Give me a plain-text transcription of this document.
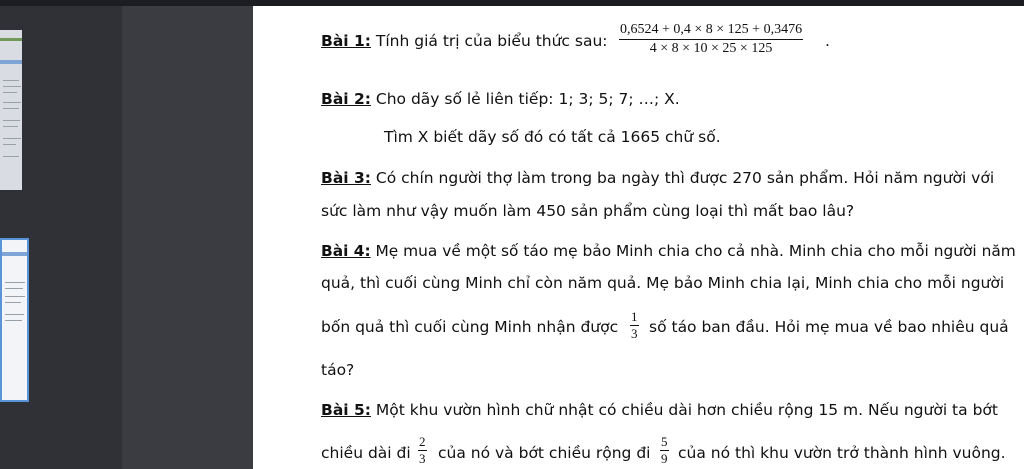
Bài 1: Tính giá trị của biểu thức sau: $\frac{0,6524 + 0,4 \times 8 \times 125 + 0,3476}{4 \times 8 \times 10 \times 25 \times 125}$ .
Bài 2: Cho dãy số lẻ liên tiếp: 1; 3; 5; 7; …; X.
Tìm X biết dãy số đó có tất cả 1665 chữ số.
Bài 3: Có chín người thợ làm trong ba ngày thì được 270 sản phẩm. Hỏi năm người với
sức làm như vậy muốn làm 450 sản phẩm cùng loại thì mất bao lâu?
Bài 4: Mẹ mua về một số táo mẹ bảo Minh chia cho cả nhà. Minh chia cho mỗi người năm
quả, thì cuối cùng Minh chỉ còn năm quả. Mẹ bảo Minh chia lại, Minh chia cho mỗi người
bốn quả thì cuối cùng Minh nhận được $\frac{1}{3}$ số táo ban đầu. Hỏi mẹ mua về bao nhiêu quả
táo?
Bài 5: Một khu vườn hình chữ nhật có chiều dài hơn chiều rộng 15 m. Nếu người ta bớt
chiều dài đi $\frac{2}{3}$ của nó và bớt chiều rộng đi $\frac{5}{9}$ của nó thì khu vườn trở thành hình vuông.
